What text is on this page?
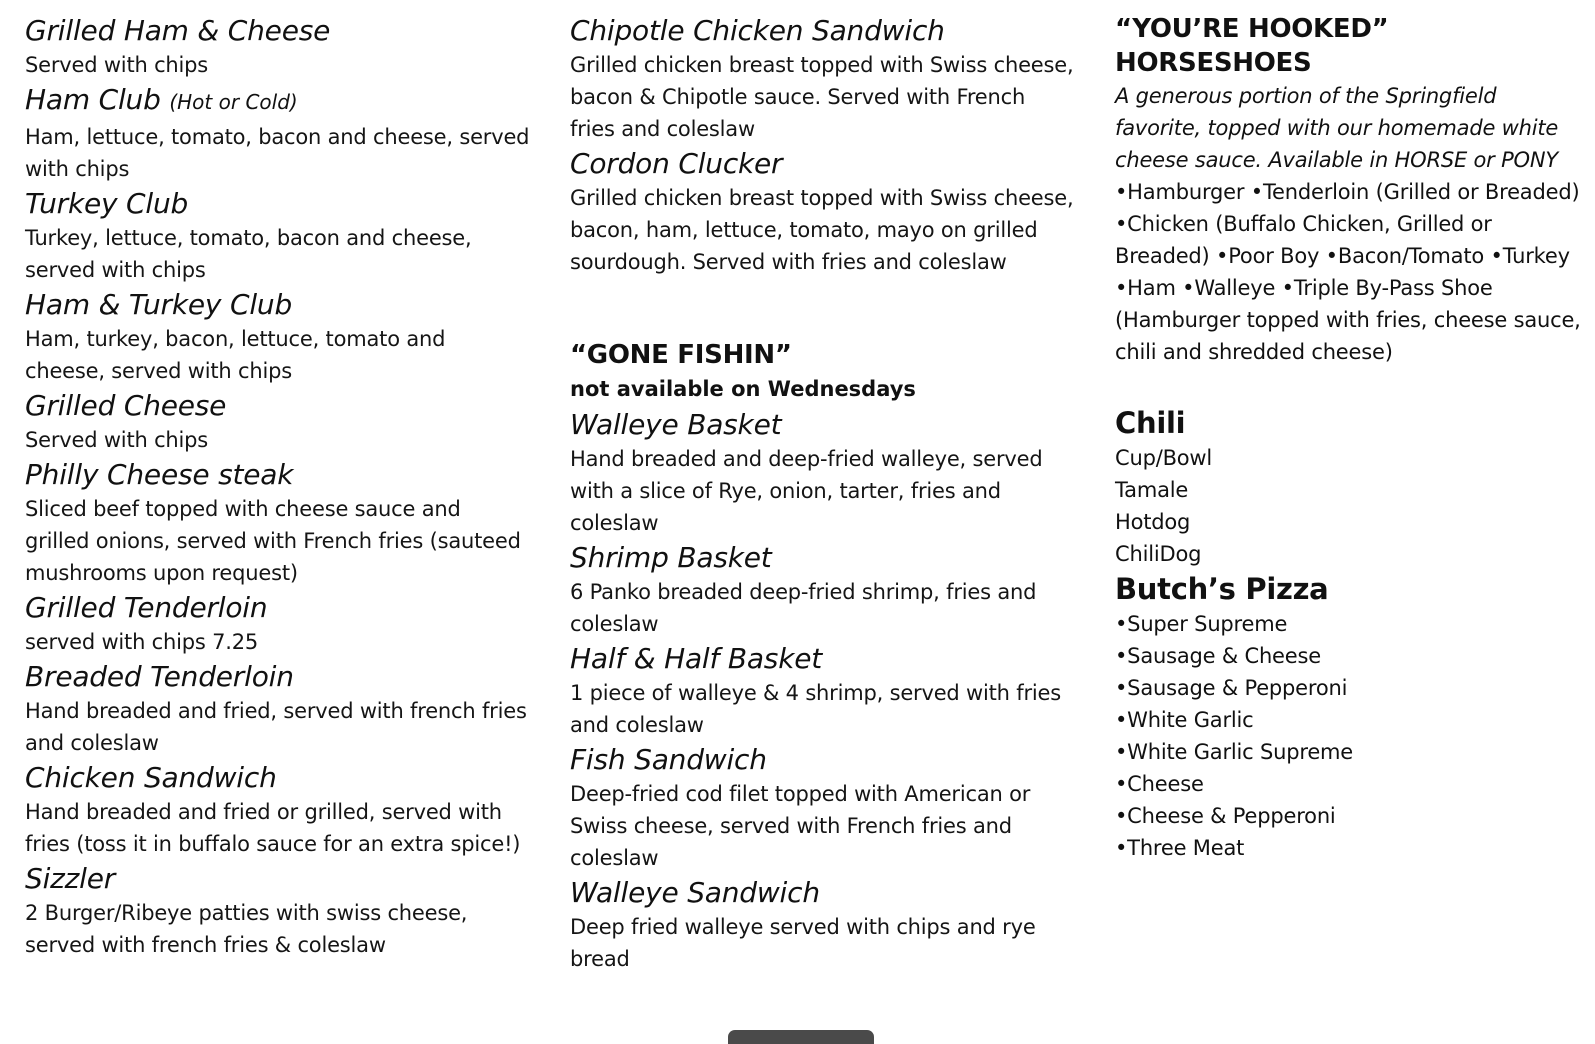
Grilled Ham & Cheese

Served with chips

Ham Club (Hot or Cold)

Ham, lettuce, tomato, bacon and cheese, served with chips

Turkey Club

Turkey, lettuce, tomato, bacon and cheese, served with chips

Ham & Turkey Club

Ham, turkey, bacon, lettuce, tomato and cheese, served with chips

Grilled Cheese

Served with chips

Philly Cheese steak

Sliced beef topped with cheese sauce and grilled onions, served with French fries (sauteed mushrooms upon request)

Grilled Tenderloin

served with chips 7.25

Breaded Tenderloin

Hand breaded and fried, served with french fries and coleslaw

Chicken Sandwich

Hand breaded and fried or grilled, served with fries (toss it in buffalo sauce for an extra spice!)

Sizzler

2 Burger/Ribeye patties with swiss cheese, served with french fries & coleslaw

Chipotle Chicken Sandwich

Grilled chicken breast topped with Swiss cheese, bacon & Chipotle sauce. Served with French fries and coleslaw

Cordon Clucker

Grilled chicken breast topped with Swiss cheese, bacon, ham, lettuce, tomato, mayo on grilled sourdough. Served with fries and coleslaw

“GONE FISHIN”

not available on Wednesdays

Walleye Basket

Hand breaded and deep-fried walleye, served with a slice of Rye, onion, tarter, fries and coleslaw

Shrimp Basket

6 Panko breaded deep-fried shrimp, fries and coleslaw

Half & Half Basket

1 piece of walleye & 4 shrimp, served with fries and coleslaw

Fish Sandwich

Deep-fried cod filet topped with American or Swiss cheese, served with French fries and coleslaw

Walleye Sandwich

Deep fried walleye served with chips and rye bread

“YOU’RE HOOKED” HORSESHOES

A generous portion of the Springfield favorite, topped with our homemade white cheese sauce. Available in HORSE or PONY

•Hamburger •Tenderloin (Grilled or Breaded) •Chicken (Buffalo Chicken, Grilled or Breaded) •Poor Boy •Bacon/Tomato •Turkey •Ham •Walleye •Triple By-Pass Shoe (Hamburger topped with fries, cheese sauce, chili and shredded cheese)

Chili

Cup/Bowl

Tamale

Hotdog

ChiliDog

Butch’s Pizza

•Super Supreme

•Sausage & Cheese

•Sausage & Pepperoni

•White Garlic

•White Garlic Supreme

•Cheese

•Cheese & Pepperoni

•Three Meat
